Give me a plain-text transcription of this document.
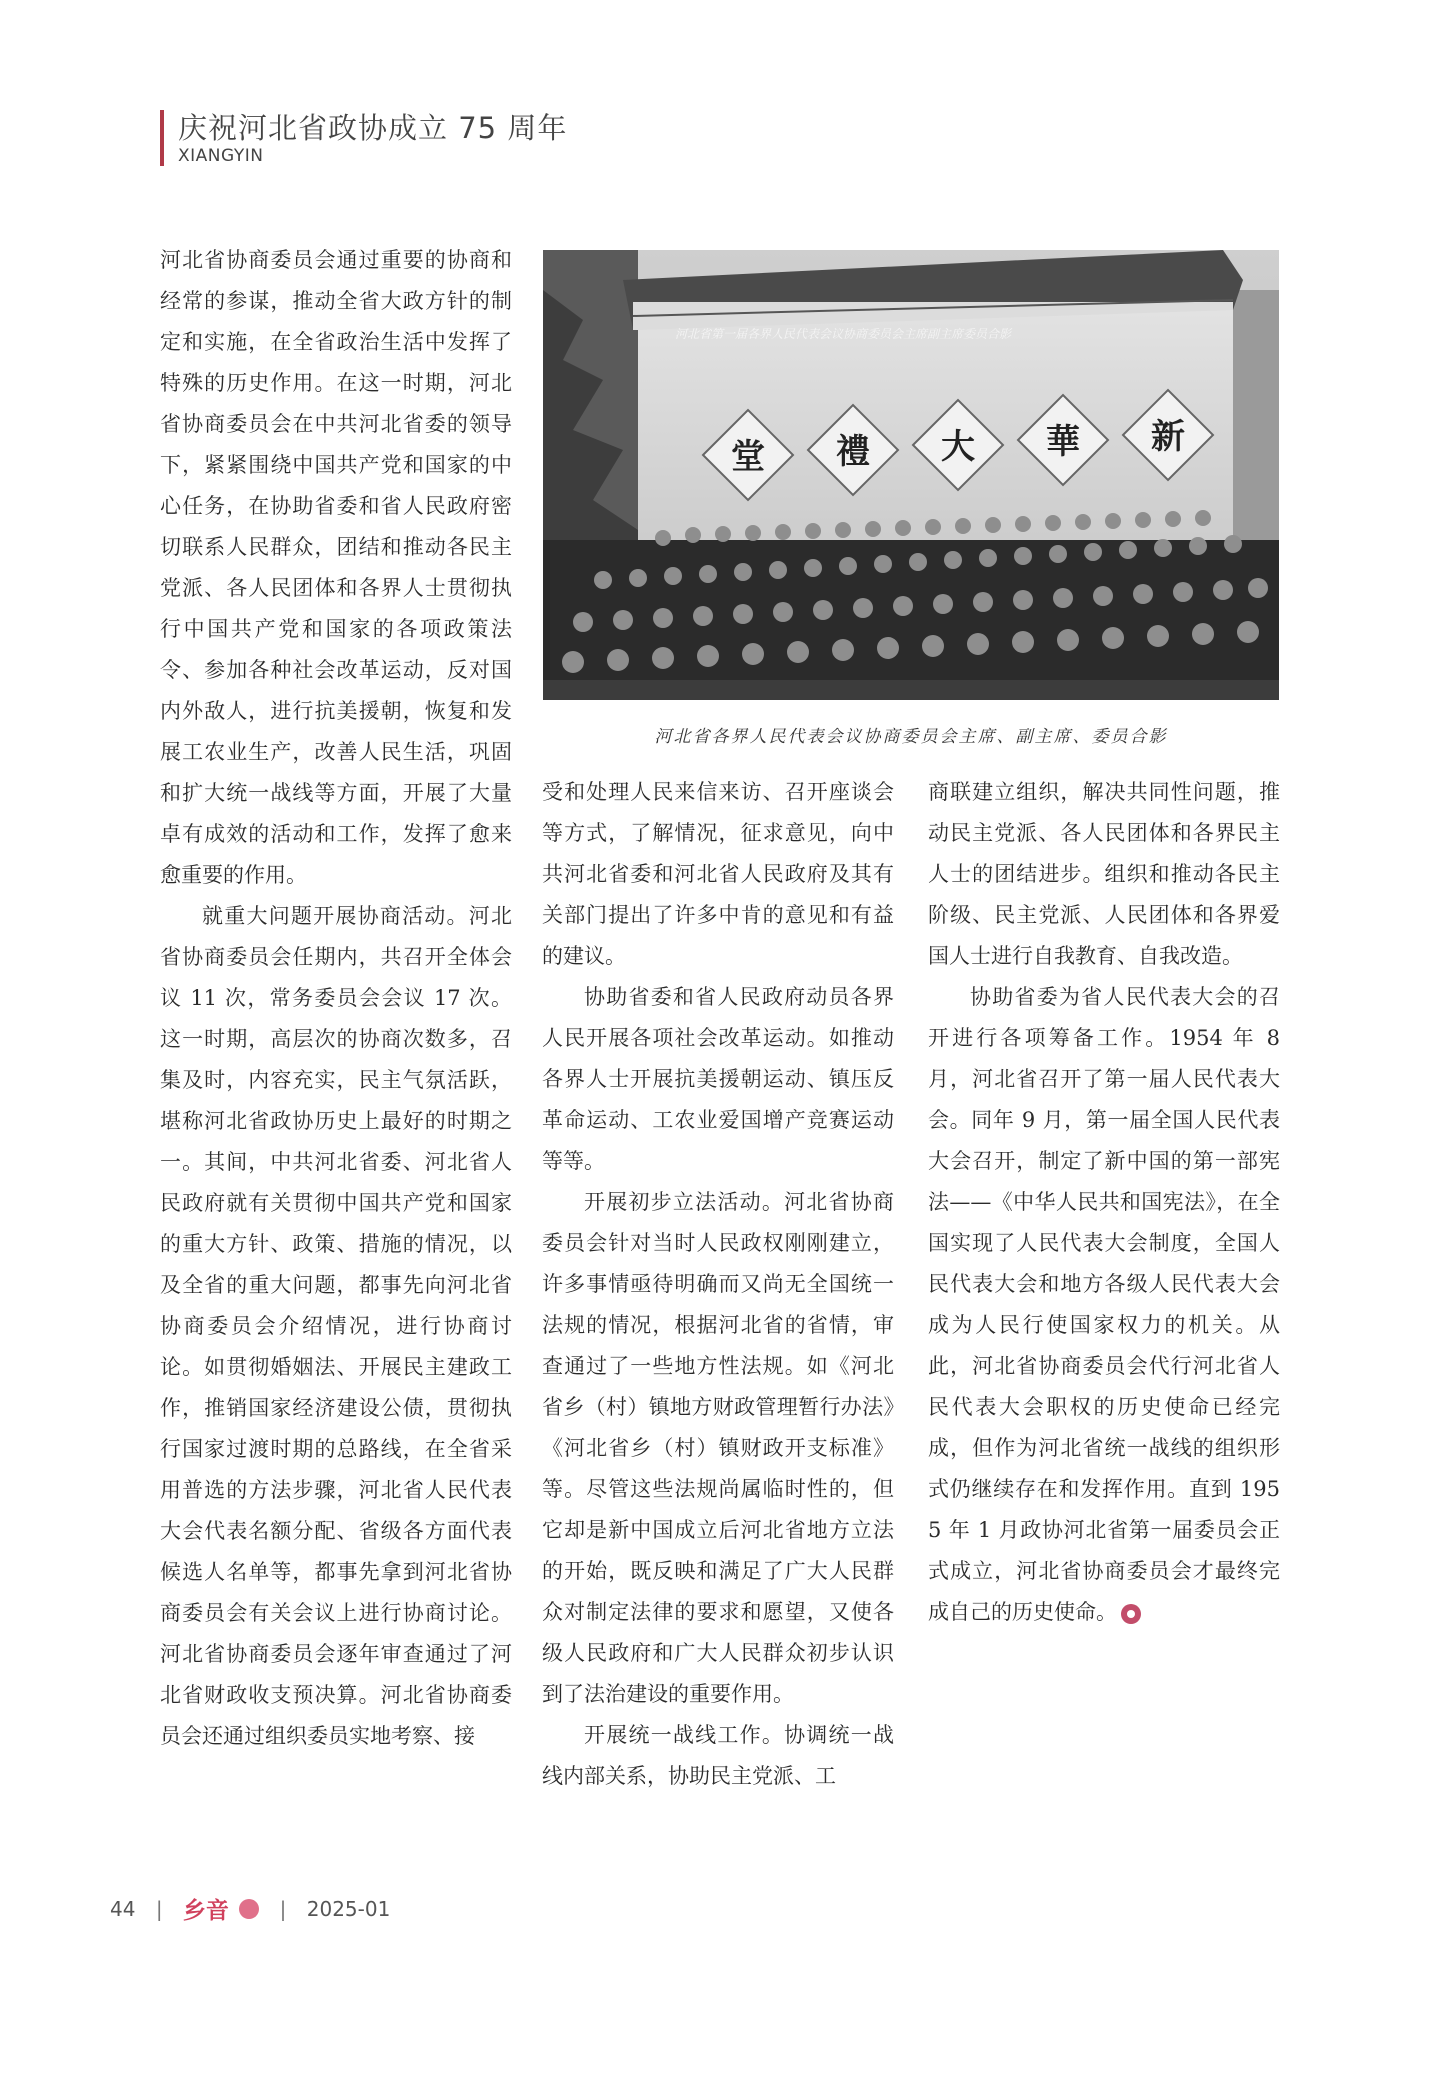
庆祝河北省政协成立 75 周年
XIANGYIN

河北省协商委员会通过重要的协商和经常的参谋，推动全省大政方针的制定和实施，在全省政治生活中发挥了特殊的历史作用。在这一时期，河北省协商委员会在中共河北省委的领导下，紧紧围绕中国共产党和国家的中心任务，在协助省委和省人民政府密切联系人民群众，团结和推动各民主党派、各人民团体和各界人士贯彻执行中国共产党和国家的各项政策法令、参加各种社会改革运动，反对国内外敌人，进行抗美援朝，恢复和发展工农业生产，改善人民生活，巩固和扩大统一战线等方面，开展了大量卓有成效的活动和工作，发挥了愈来愈重要的作用。

就重大问题开展协商活动。河北省协商委员会任期内，共召开全体会议 11 次，常务委员会会议 17 次。这一时期，高层次的协商次数多，召集及时，内容充实，民主气氛活跃，堪称河北省政协历史上最好的时期之一。其间，中共河北省委、河北省人民政府就有关贯彻中国共产党和国家的重大方针、政策、措施的情况，以及全省的重大问题，都事先向河北省协商委员会介绍情况，进行协商讨论。如贯彻婚姻法、开展民主建政工作，推销国家经济建设公债，贯彻执行国家过渡时期的总路线，在全省采用普选的方法步骤，河北省人民代表大会代表名额分配、省级各方面代表候选人名单等，都事先拿到河北省协商委员会有关会议上进行协商讨论。河北省协商委员会逐年审查通过了河北省财政收支预决算。河北省协商委员会还通过组织委员实地考察、接

堂 禮 大 華 新
河北省第一届各界人民代表会议协商委员会主席副主席委员合影
河北省各界人民代表会议协商委员会主席、副主席、委员合影

受和处理人民来信来访、召开座谈会等方式，了解情况，征求意见，向中共河北省委和河北省人民政府及其有关部门提出了许多中肯的意见和有益的建议。

协助省委和省人民政府动员各界人民开展各项社会改革运动。如推动各界人士开展抗美援朝运动、镇压反革命运动、工农业爱国增产竞赛运动等等。

开展初步立法活动。河北省协商委员会针对当时人民政权刚刚建立，许多事情亟待明确而又尚无全国统一法规的情况，根据河北省的省情，审查通过了一些地方性法规。如《河北省乡（村）镇地方财政管理暂行办法》《河北省乡（村）镇财政开支标准》等。尽管这些法规尚属临时性的，但它却是新中国成立后河北省地方立法的开始，既反映和满足了广大人民群众对制定法律的要求和愿望，又使各级人民政府和广大人民群众初步认识到了法治建设的重要作用。

开展统一战线工作。协调统一战线内部关系，协助民主党派、工

商联建立组织，解决共同性问题，推动民主党派、各人民团体和各界民主人士的团结进步。组织和推动各民主阶级、民主党派、人民团体和各界爱国人士进行自我教育、自我改造。

协助省委为省人民代表大会的召开进行各项筹备工作。1954 年 8 月，河北省召开了第一届人民代表大会。同年 9 月，第一届全国人民代表大会召开，制定了新中国的第一部宪法——《中华人民共和国宪法》，在全国实现了人民代表大会制度，全国人民代表大会和地方各级人民代表大会成为人民行使国家权力的机关。从此，河北省协商委员会代行河北省人民代表大会职权的历史使命已经完成，但作为河北省统一战线的组织形式仍继续存在和发挥作用。直到 1955 年 1 月政协河北省第一届委员会正式成立，河北省协商委员会才最终完成自己的历史使命。

44 | 乡音	| 2025-01
